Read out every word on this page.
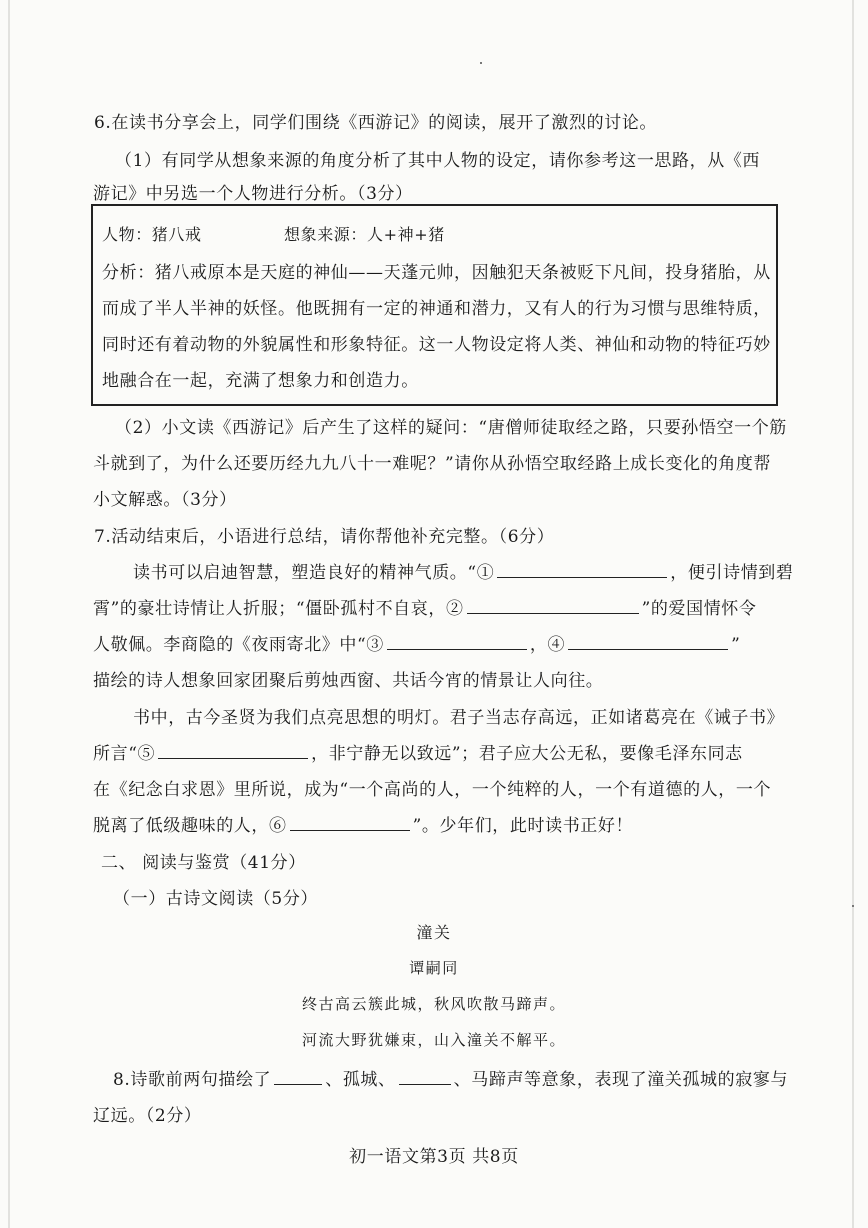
6.在读书分享会上，同学们围绕《西游记》的阅读，展开了激烈的讨论。
（1）有同学从想象来源的角度分析了其中人物的设定，请你参考这一思路，从《西
游记》中另选一个人物进行分析。（3分）
人物：猪八戒	想象来源：人+神+猪
分析：猪八戒原本是天庭的神仙——天蓬元帅，因触犯天条被贬下凡间，投身猪胎，从
而成了半人半神的妖怪。他既拥有一定的神通和潜力，又有人的行为习惯与思维特质，
同时还有着动物的外貌属性和形象特征。这一人物设定将人类、神仙和动物的特征巧妙
地融合在一起，充满了想象力和创造力。
（2）小文读《西游记》后产生了这样的疑问：“唐僧师徒取经之路，只要孙悟空一个筋
斗就到了，为什么还要历经九九八十一难呢？”请你从孙悟空取经路上成长变化的角度帮
小文解惑。（3分）
7.活动结束后，小语进行总结，请你帮他补充完整。（6分）
读书可以启迪智慧，塑造良好的精神气质。“①	，便引诗情到碧
霄”的豪壮诗情让人折服；“僵卧孤村不自哀，②	”的爱国情怀令
人敬佩。李商隐的《夜雨寄北》中“③	，④	”
描绘的诗人想象回家团聚后剪烛西窗、共话今宵的情景让人向往。
书中，古今圣贤为我们点亮思想的明灯。君子当志存高远，正如诸葛亮在《诫子书》
所言“⑤	，非宁静无以致远”；君子应大公无私，要像毛泽东同志
在《纪念白求恩》里所说，成为“一个高尚的人，一个纯粹的人，一个有道德的人，一个
脱离了低级趣味的人，⑥	”。少年们，此时读书正好！
二、 阅读与鉴赏（41分）
（一）古诗文阅读（5分）
潼关
谭嗣同
终古高云簇此城，秋风吹散马蹄声。
河流大野犹嫌束，山入潼关不解平。
8.诗歌前两句描绘了	、孤城、	、马蹄声等意象，表现了潼关孤城的寂寥与
辽远。（2分）
初一语文第3页 共8页
